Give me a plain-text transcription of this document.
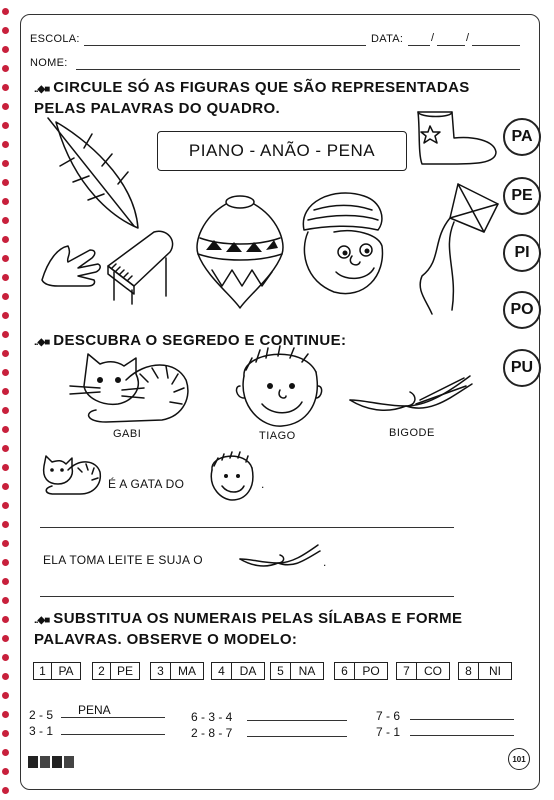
ESCOLA:	DATA:	/	/
NOME:
..◆■ CIRCULE SÓ AS FIGURAS QUE SÃO REPRESENTADAS
PELAS PALAVRAS DO QUADRO.
PIANO - ANÃO - PENA
PA
PE
PI
PO
PU
..◆■ DESCUBRA O SEGREDO E CONTINUE:
GABI	TIAGO	BIGODE
É A GATA DO	.
ELA TOMA LEITE E SUJA O	.
..◆■ SUBSTITUA OS NUMERAIS PELAS SÍLABAS E FORME
PALAVRAS. OBSERVE O MODELO:
1	PA	2	PE	3	MA	4	DA	5	NA	6	PO	7	CO	8	NI
2 - 5 PENA
3 - 1
6 - 3 - 4
2 - 8 - 7
7 - 6
7 - 1
101
